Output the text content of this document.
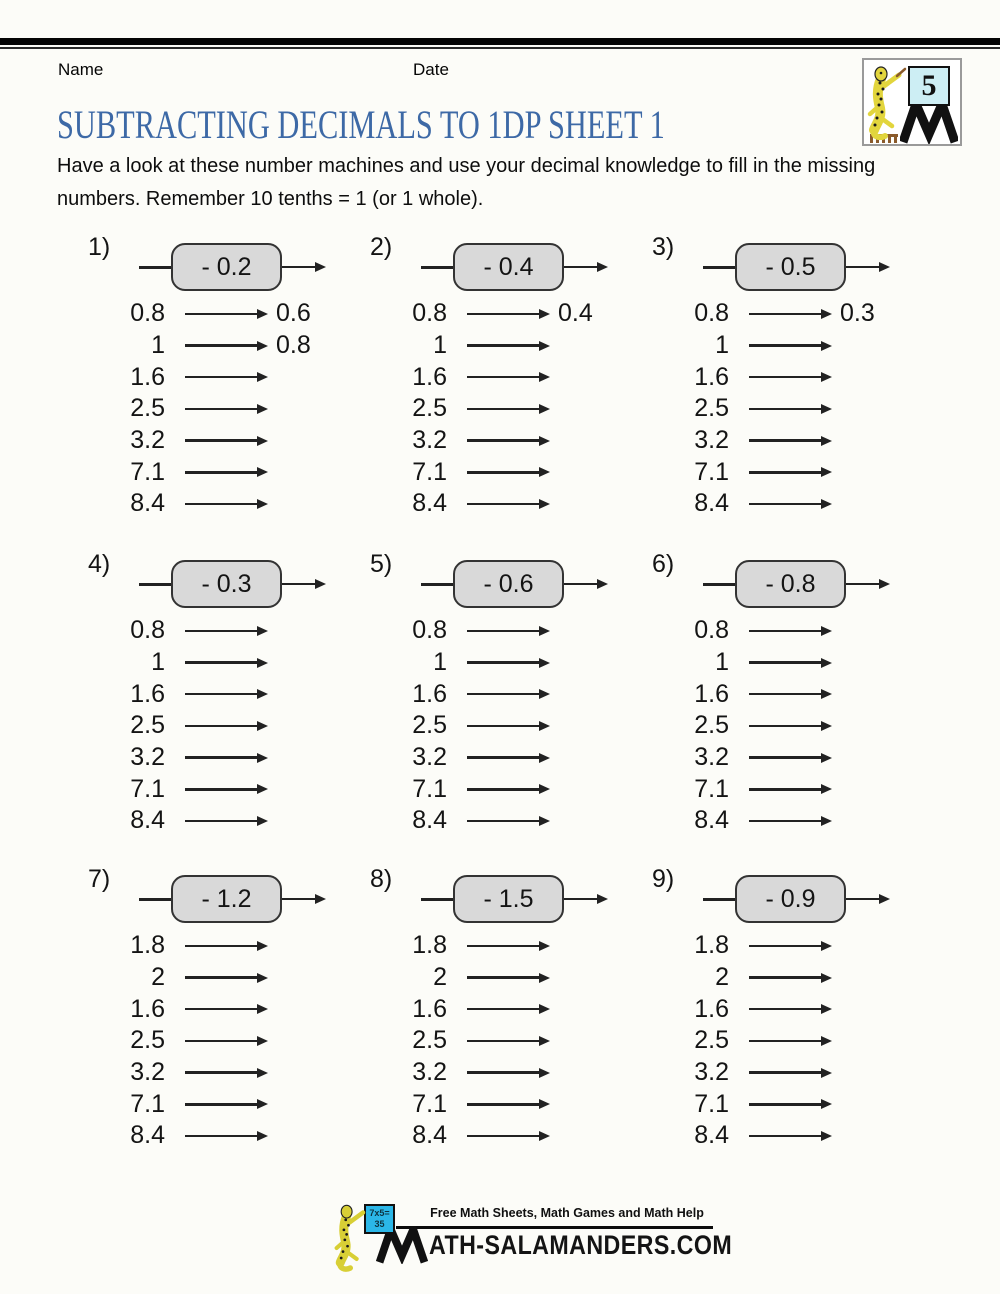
Name	Date	5
SUBTRACTING DECIMALS TO 1DP SHEET 1
Have a look at these number machines and use your decimal knowledge to fill in the missing
numbers. Remember 10 tenths = 1 (or 1 whole).
1)
- 0.2
0.8	0.6
1	0.8
1.6
2.5
3.2
7.1
8.4
2)
- 0.4
0.8	0.4
1
1.6
2.5
3.2
7.1
8.4
3)
- 0.5
0.8	0.3
1
1.6
2.5
3.2
7.1
8.4
4)
- 0.3
0.8
1
1.6
2.5
3.2
7.1
8.4
5)
- 0.6
0.8
1
1.6
2.5
3.2
7.1
8.4
6)
- 0.8
0.8
1
1.6
2.5
3.2
7.1
8.4
7)
- 1.2
1.8
2
1.6
2.5
3.2
7.1
8.4
8)
- 1.5
1.8
2
1.6
2.5
3.2
7.1
8.4
9)
- 0.9
1.8
2
1.6
2.5
3.2
7.1
8.4
7x5=
35
Free Math Sheets, Math Games and Math Help
ATH-SALAMANDERS.COM
